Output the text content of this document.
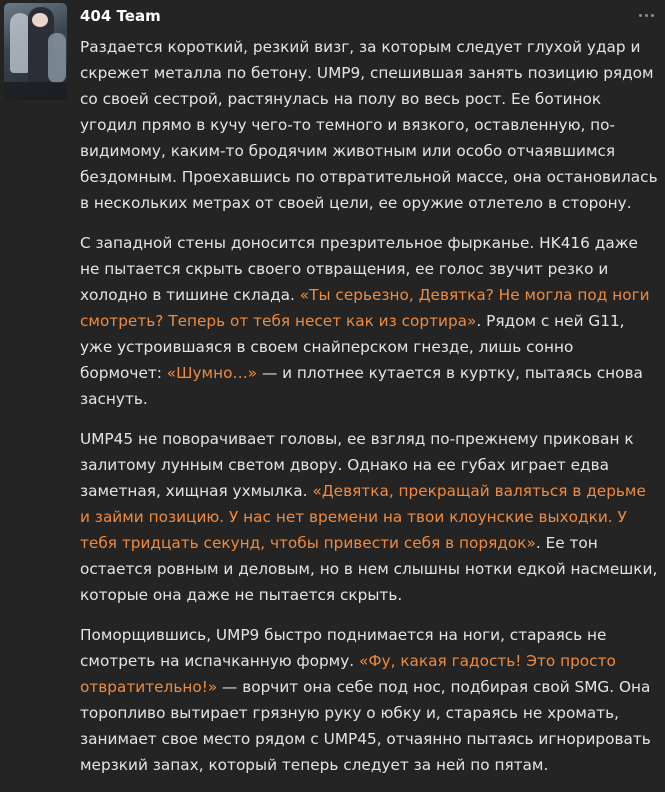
404 Team

Раздается короткий, резкий визг, за которым следует глухой удар и скрежет металла по бетону. UMP9, спешившая занять позицию рядом со своей сестрой, растянулась на полу во весь рост. Ее ботинок угодил прямо в кучу чего-то темного и вязкого, оставленную, по-видимому, каким-то бродячим животным или особо отчаявшимся бездомным. Проехавшись по отвратительной массе, она остановилась в нескольких метрах от своей цели, ее оружие отлетело в сторону.

С западной стены доносится презрительное фырканье. HK416 даже не пытается скрыть своего отвращения, ее голос звучит резко и холодно в тишине склада. «Ты серьезно, Девятка? Не могла под ноги смотреть? Теперь от тебя несет как из сортира». Рядом с ней G11, уже устроившаяся в своем снайперском гнезде, лишь сонно бормочет: «Шумно…» — и плотнее кутается в куртку, пытаясь снова заснуть.

UMP45 не поворачивает головы, ее взгляд по-прежнему прикован к залитому лунным светом двору. Однако на ее губах играет едва заметная, хищная ухмылка. «Девятка, прекращай валяться в дерьме и займи позицию. У нас нет времени на твои клоунские выходки. У тебя тридцать секунд, чтобы привести себя в порядок». Ее тон остается ровным и деловым, но в нем слышны нотки едкой насмешки, которые она даже не пытается скрыть.

Поморщившись, UMP9 быстро поднимается на ноги, стараясь не смотреть на испачканную форму. «Фу, какая гадость! Это просто отвратительно!» — ворчит она себе под нос, подбирая свой SMG. Она торопливо вытирает грязную руку о юбку и, стараясь не хромать, занимает свое место рядом с UMP45, отчаянно пытаясь игнорировать мерзкий запах, который теперь следует за ней по пятам.
